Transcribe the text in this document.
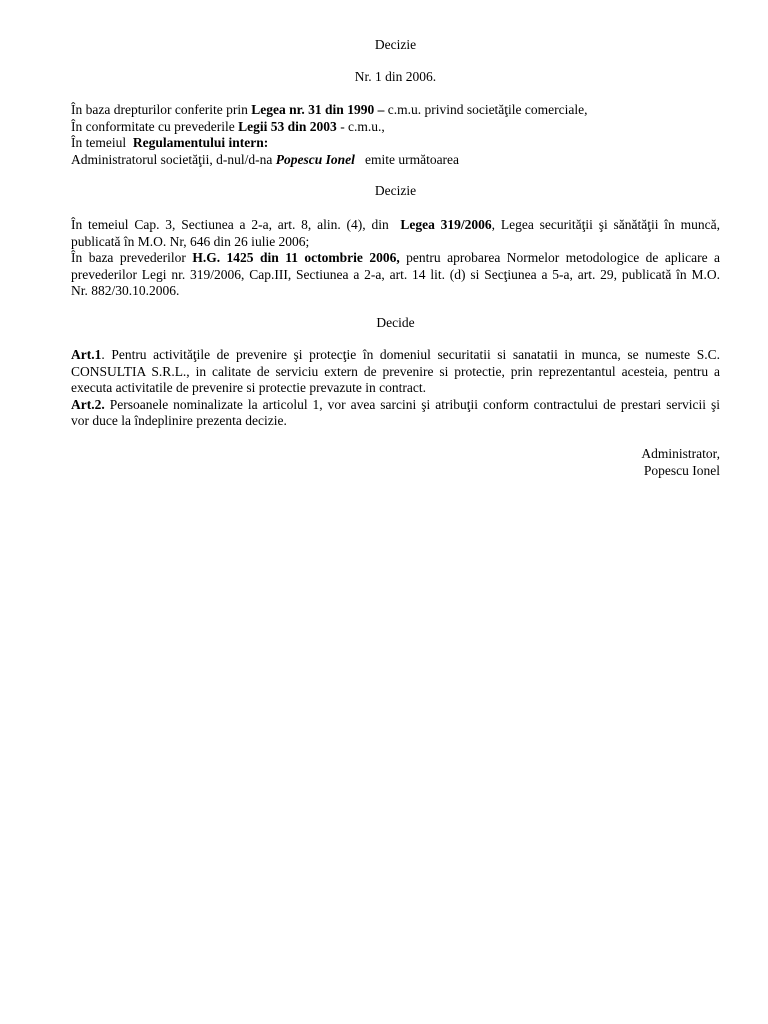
Decizie
Nr. 1 din 2006.
În baza drepturilor conferite prin Legea nr. 31 din 1990 – c.m.u. privind societăţile comerciale,
În conformitate cu prevederile Legii 53 din 2003 - c.m.u.,
În temeiul  Regulamentului intern:
Administratorul societăţii, d-nul/d-na Popescu Ionel   emite următoarea
Decizie
În temeiul Cap. 3, Sectiunea a 2-a, art. 8, alin. (4), din  Legea 319/2006, Legea securităţii şi sănătăţii în muncă,
publicată în M.O. Nr, 646 din 26 iulie 2006;
În baza prevederilor H.G. 1425 din 11 octombrie 2006, pentru aprobarea Normelor metodologice de aplicare a
prevederilor Legi nr. 319/2006, Cap.III, Sectiunea a 2-a, art. 14 lit. (d) si Secţiunea a 5-a, art. 29, publicată în M.O.
Nr. 882/30.10.2006.
Decide
Art.1. Pentru activităţile de prevenire şi protecţie în domeniul securitatii si sanatatii in munca, se numeste S.C.
CONSULTIA S.R.L., in calitate de serviciu extern de prevenire si protectie, prin reprezentantul acesteia, pentru a
executa activitatile de prevenire si protectie prevazute in contract.
Art.2. Persoanele nominalizate la articolul 1, vor avea sarcini şi atribuţii conform contractului de prestari servicii şi
vor duce la îndeplinire prezenta decizie.
Administrator,
Popescu Ionel
